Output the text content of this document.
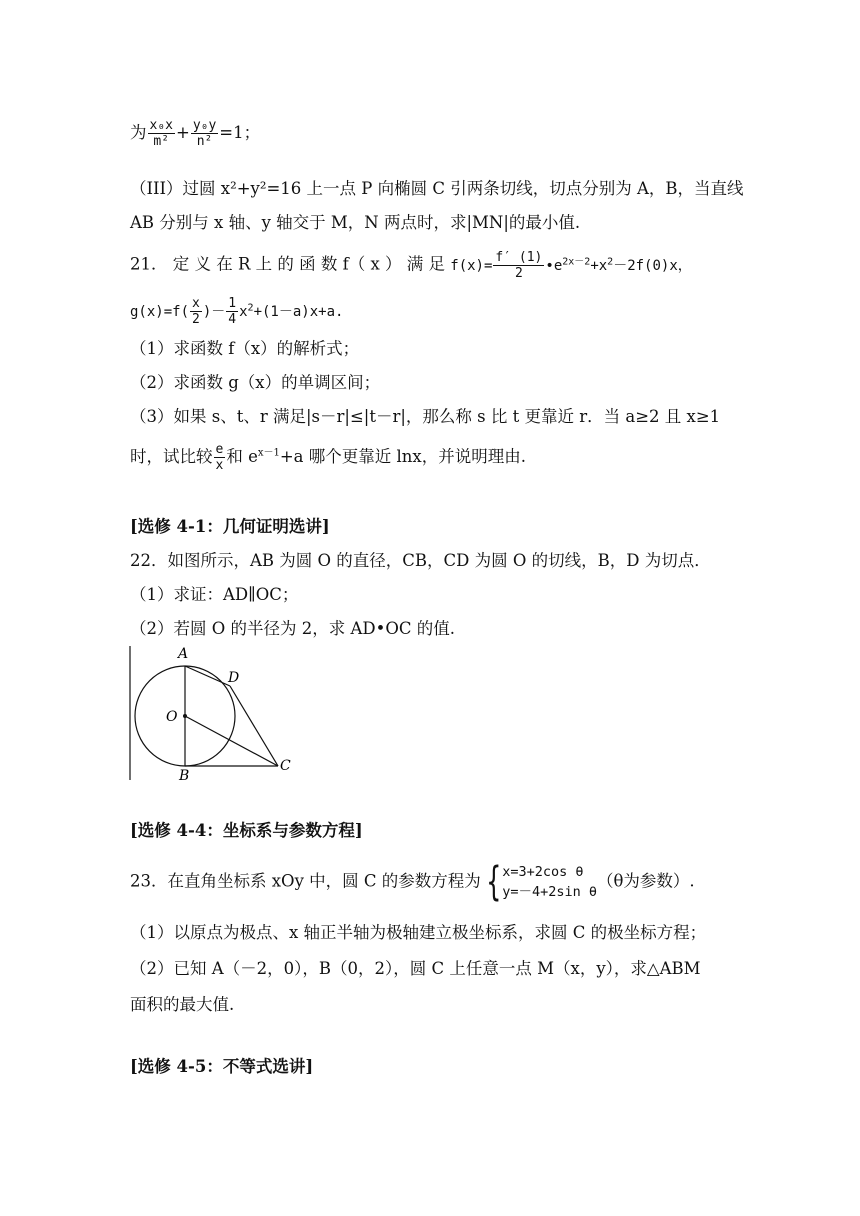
为 $\frac{\text{x₀x}}{\text{m²}} + \frac{\text{y₀y}}{\text{n²}} =1$；
（III）过圆 x²+y²=16 上一点 P 向椭圆 C 引两条切线，切点分别为 A，B，当直线
AB 分别与 x 轴、y 轴交于 M，N 两点时，求|MN|的最小值.
21． 定 义 在 R 上 的 函 数 f（ x ） 满 足 $f(x)= \frac{f' (1)}{2}$ $•e^{2x-2}+x^2-2f(0)x$，
$g(x)=f( \frac{x}{2}$ )－ $\frac{1}{4} x^2+(1-a)x+a$.
（1）求函数 f（x）的解析式；
（2）求函数 g（x）的单调区间；
（3）如果 s、t、r 满足|s－r|≤|t－r|，那么称 s 比 t 更靠近 r．当 a≥2 且 x≥1
时，试比较 $\frac{e}{x}$ 和 $e^{x-1}+a$ 哪个更靠近 lnx，并说明理由.
[选修 4-1：几何证明选讲]
22．如图所示，AB 为圆 O 的直径，CB，CD 为圆 O 的切线，B，D 为切点．
（1）求证：AD∥OC；
（2）若圆 O 的半径为 2，求 AD•OC 的值.
A
D
O
B
C
[选修 4-4：坐标系与参数方程]
23．在直角坐标系 xOy 中，圆 C 的参数方程为 { x=3+2cos θ
y=－4+2sin θ
（θ为参数）.
（1）以原点为极点、x 轴正半轴为极轴建立极坐标系，求圆 C 的极坐标方程；
（2）已知 A（－2，0），B（0，2），圆 C 上任意一点 M（x，y），求△ABM
面积的最大值.
[选修 4-5：不等式选讲]
